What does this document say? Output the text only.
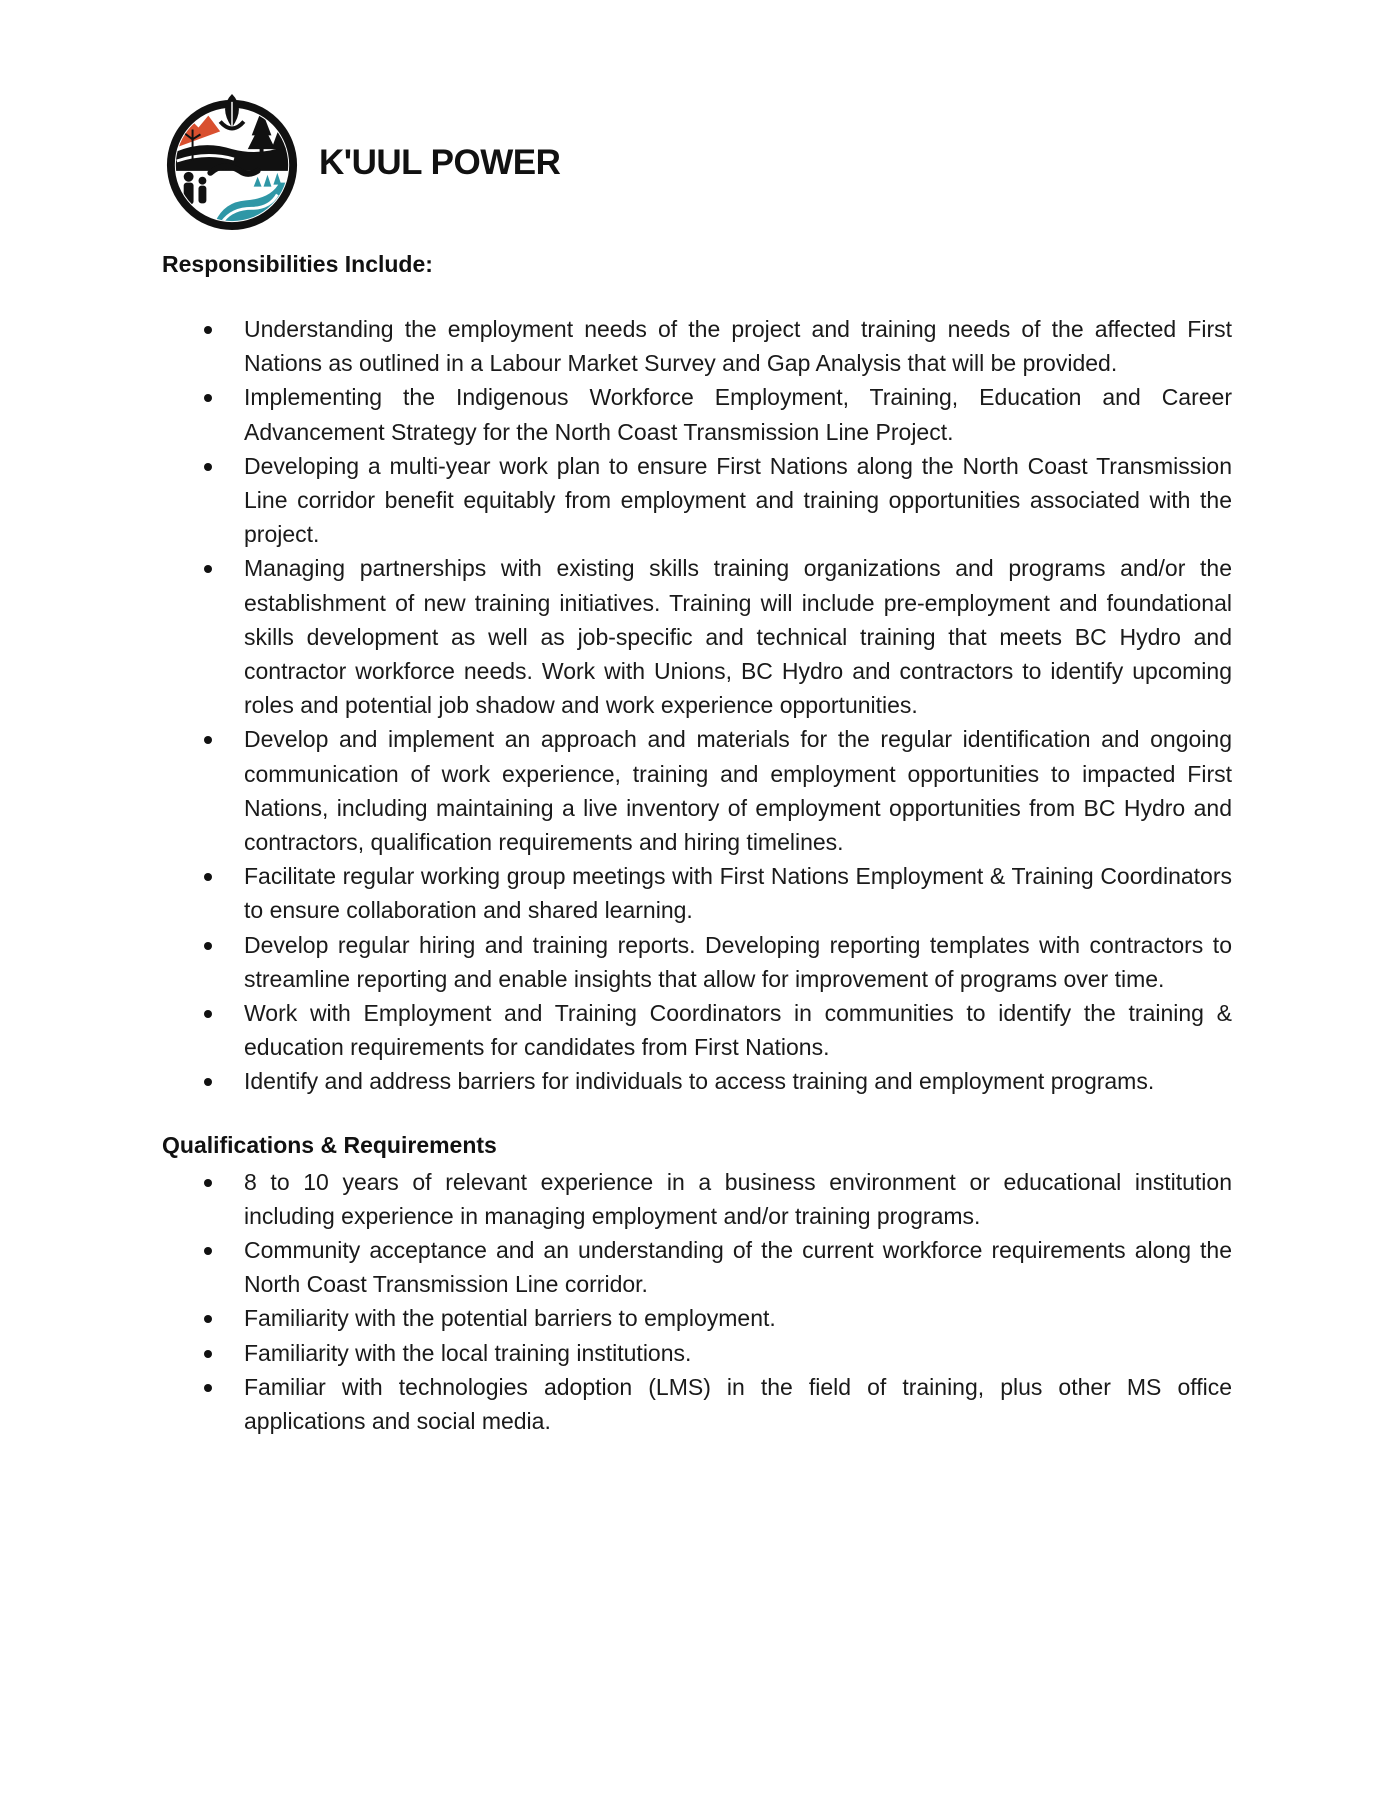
K'UUL POWER
Responsibilities Include:
Understanding the employment needs of the project and training needs of the affected First Nations as outlined in a Labour Market Survey and Gap Analysis that will be provided.
Implementing the Indigenous Workforce Employment, Training, Education and Career Advancement Strategy for the North Coast Transmission Line Project.
Developing a multi-year work plan to ensure First Nations along the North Coast Transmission Line corridor benefit equitably from employment and training opportunities associated with the project.
Managing partnerships with existing skills training organizations and programs and/or the establishment of new training initiatives. Training will include pre-employment and foundational skills development as well as job-specific and technical training that meets BC Hydro and contractor workforce needs. Work with Unions, BC Hydro and contractors to identify upcoming roles and potential job shadow and work experience opportunities.
Develop and implement an approach and materials for the regular identification and ongoing communication of work experience, training and employment opportunities to impacted First Nations, including maintaining a live inventory of employment opportunities from BC Hydro and contractors, qualification requirements and hiring timelines.
Facilitate regular working group meetings with First Nations Employment & Training Coordinators to ensure collaboration and shared learning.
Develop regular hiring and training reports. Developing reporting templates with contractors to streamline reporting and enable insights that allow for improvement of programs over time.
Work with Employment and Training Coordinators in communities to identify the training & education requirements for candidates from First Nations.
Identify and address barriers for individuals to access training and employment programs.
Qualifications & Requirements
8 to 10 years of relevant experience in a business environment or educational institution including experience in managing employment and/or training programs.
Community acceptance and an understanding of the current workforce requirements along the North Coast Transmission Line corridor.
Familiarity with the potential barriers to employment.
Familiarity with the local training institutions.
Familiar with technologies adoption (LMS) in the field of training, plus other MS office applications and social media.
